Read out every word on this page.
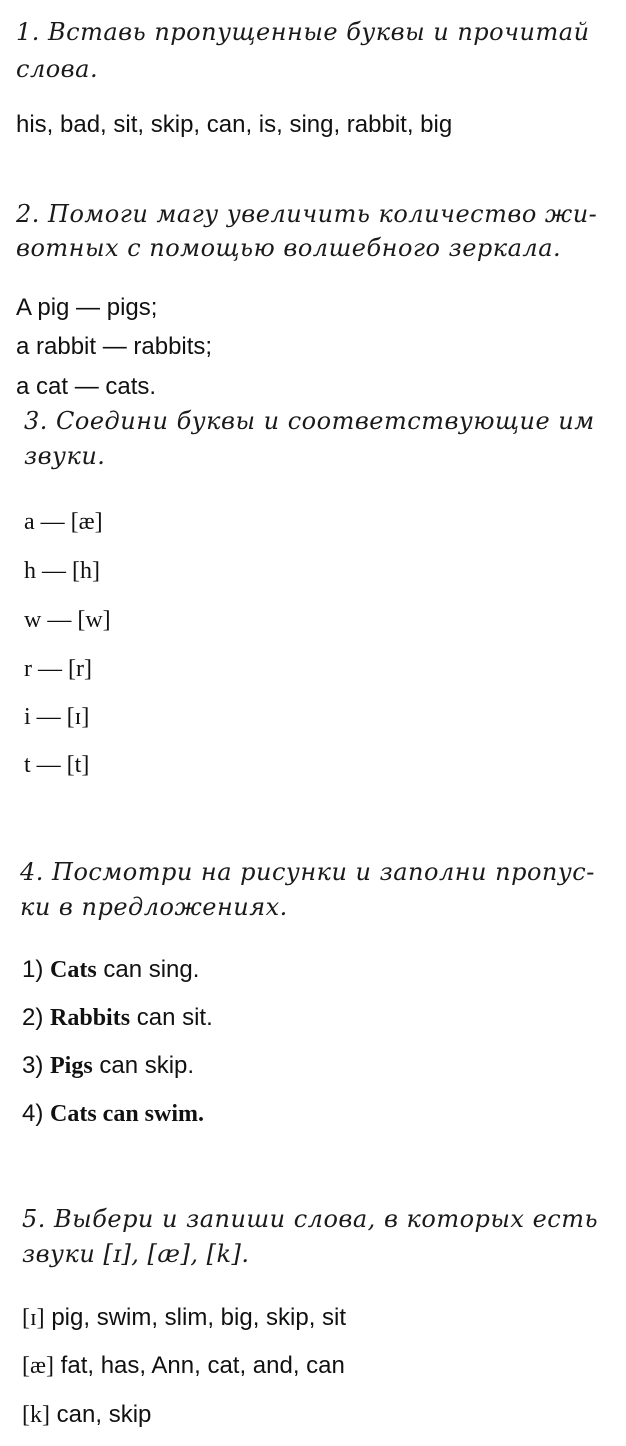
1. Вставь пропущенные буквы и прочитай
слова.
his, bad, sit, skip, can, is, sing, rabbit, big
2. Помоги магу увеличить количество жи-
вотных с помощью волшебного зеркала.
A pig — pigs;
a rabbit — rabbits;
a cat — cats.
3. Соедини буквы и соответствующие им
звуки.
a — [æ]
h — [h]
w — [w]
r — [r]
i — [ɪ]
t — [t]
4. Посмотри на рисунки и заполни пропус-
ки в предложениях.
1) Cats can sing.
2) Rabbits can sit.
3) Pigs can skip.
4) Cats can swim.
5. Выбери и запиши слова, в которых есть
звуки [ɪ], [æ], [k].
[ɪ] pig, swim, slim, big, skip, sit
[æ] fat, has, Ann, cat, and, can
[k] can, skip
